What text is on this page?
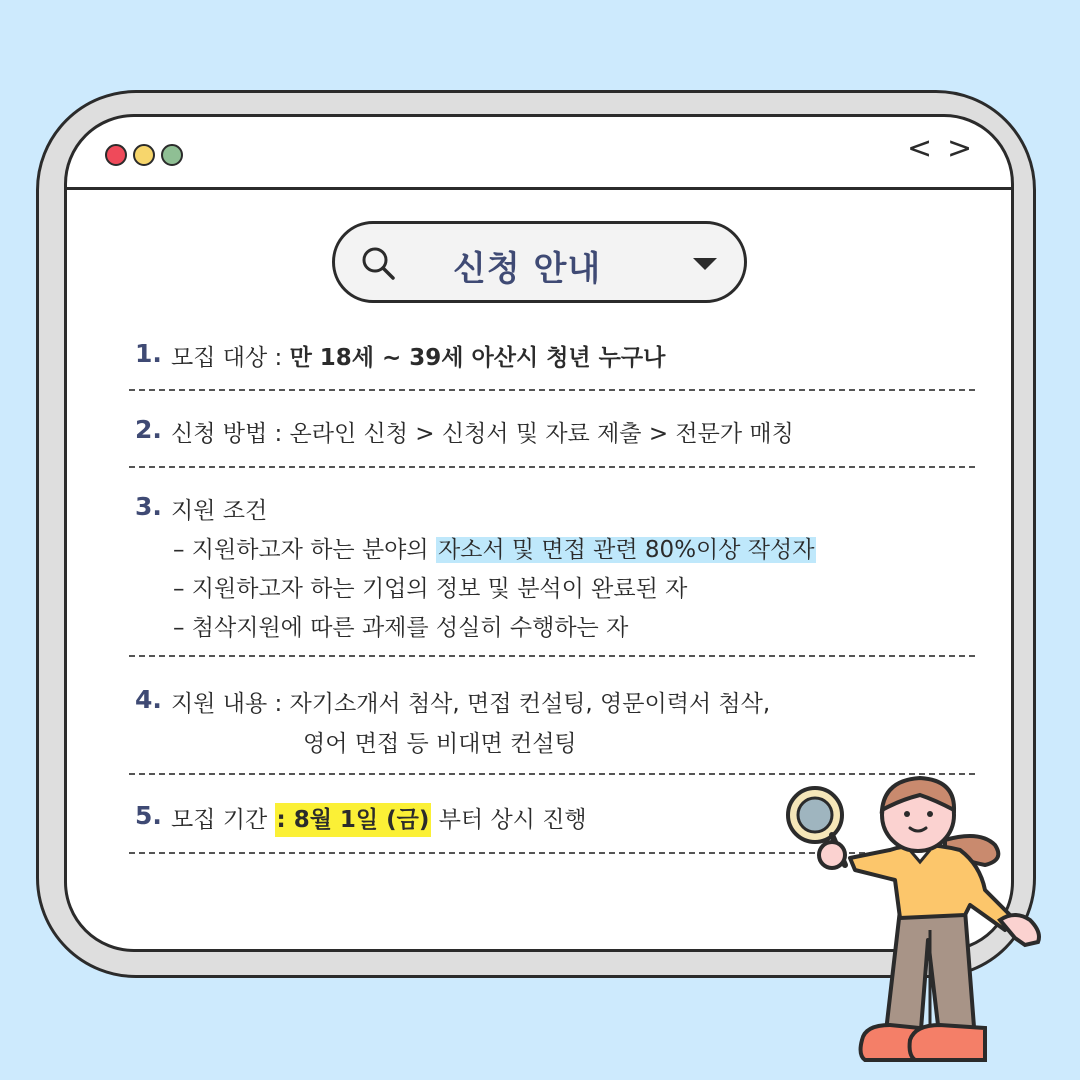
< >
신청 안내
1. 모집 대상 : 만 18세 ~ 39세 아산시 청년 누구나
2. 신청 방법 : 온라인 신청 > 신청서 및 자료 제출 > 전문가 매칭
3. 지원 조건
– 지원하고자 하는 분야의 자소서 및 면접 관련 80%이상 작성자
– 지원하고자 하는 기업의 정보 및 분석이 완료된 자
– 첨삭지원에 따른 과제를 성실히 수행하는 자
4. 지원 내용 : 자기소개서 첨삭, 면접 컨설팅, 영문이력서 첨삭,
영어 면접 등 비대면 컨설팅
5. 모집 기간 : 8월 1일 (금) 부터 상시 진행
